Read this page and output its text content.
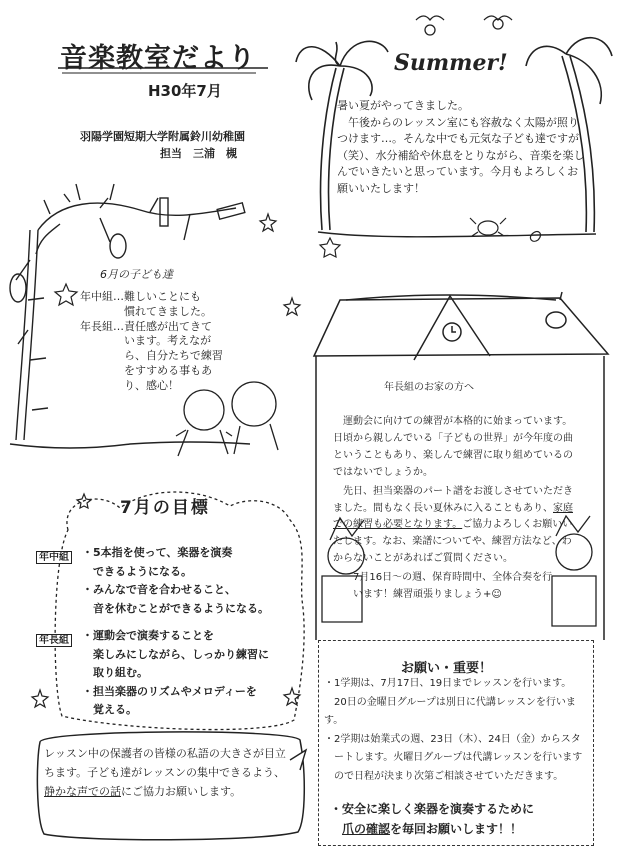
音楽教室だより
H30年7月
羽陽学園短期大学附属鈴川幼稚園
担当　三浦　槻
Summer!

暑い夏がやってきました。

午後からのレッスン室にも容赦なく太陽が照りつけます…。そんな中でも元気な子ども達ですが（笑）、水分補給や休息をとりながら、音楽を楽しんでいきたいと思っています。今月もよろしくお願いいたします！

6月の子ども達
年中組…難しいことにも
　　　　慣れてきました。
年長組…責任感が出てきて
　　　　います。考えなが
　　　　ら、自分たちで練習
　　　　をすすめる事もあ
　　　　り、感心！	年長組のお家の方へ

運動会に向けての練習が本格的に始まっています。日頃から親しんでいる「子どもの世界」が今年度の曲ということもあり、楽しんで練習に取り組めているのではないでしょうか。

先日、担当楽器のパート譜をお渡しさせていただきました。間もなく長い夏休みに入ることもあり、家庭での練習も必要となります。ご協力よろしくお願いいたします。なお、楽譜についてや、練習方法など、わからないことがあればご質問ください。

7月16日～の週、保育時間中、全体合奏を行います！練習頑張りましょう+☺

7月の目標
年中組 ・5本指を使って、楽器を演奏
　できるようになる。
・みんなで音を合わせること、
　音を休むことができるようになる。
年長組 ・運動会で演奏することを
　楽しみにしながら、しっかり練習に
　取り組む。
・担当楽器のリズムやメロディーを
　覚える。
レッスン中の保護者の皆様の私語の大きさが目立ちます。子ども達がレッスンの集中できるよう、静かな声での話にご協力お願いします。
お願い・重要！
・1学期は、7月17日、19日までレッスンを行います。
　20日の金曜日グループは別日に代講レッスンを行います。
・2学期は始業式の週、23日（木）、24日（金）からスタートします。火曜日グループは代講レッスンを行いますので日程が決まり次第ご相談させていただきます。
・安全に楽しく楽器を演奏するために
爪の確認を毎回お願いします！！
